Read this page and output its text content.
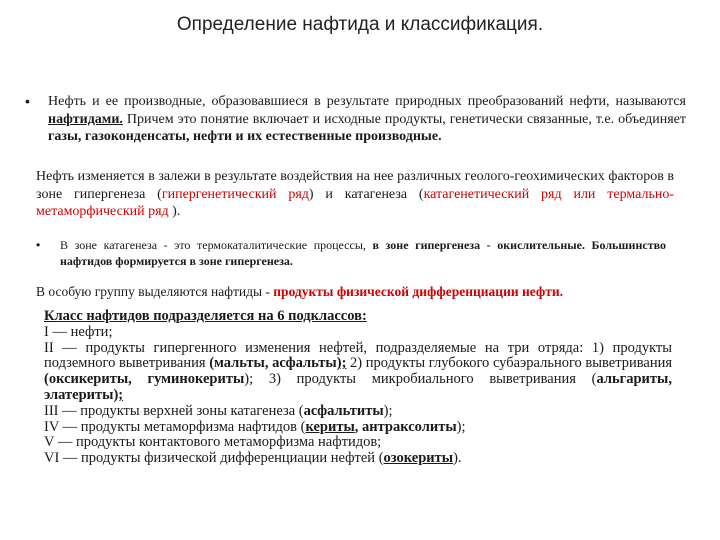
Определение нафтида и классификация.
• Нефть и ее производные, образовавшиеся в результате природных преобразований нефти, называются нафтидами. Причем это понятие включает и исходные продукты, генетически связанные, т.е. объединяет газы, газоконденсаты, нефти и их естественные производные.
Нефть изменяется в залежи в результате воздействия на нее различных геолого-геохимических факторов в зоне гипергенеза (гипергенетический ряд) и катагенеза (катагенетический ряд или термально-метаморфический ряд ).
• В зоне катагенеза - это термокаталитические процессы, в зоне гипергенеза - окислительные. Большинство нафтидов формируется в зоне гипергенеза.
В особую группу выделяются нафтиды - продукты физической дифференциации нефти.
Класс нафтидов подразделяется на 6 подклассов:
I — нефти;
II — продукты гипергенного изменения нефтей, подразделяемые на три отряда: 1) продукты подземного выветривания (мальты, асфальты); 2) продукты глубокого субаэрального выветривания (оксикериты, гуминокериты); 3) продукты микробиального выветривания (альгариты, элатериты);
III — продукты верхней зоны катагенеза (асфальтиты);
IV — продукты метаморфизма нафтидов (кериты, антраксолиты);
V — продукты контактового метаморфизма нафтидов;
VI — продукты физической дифференциации нефтей (озокериты).
